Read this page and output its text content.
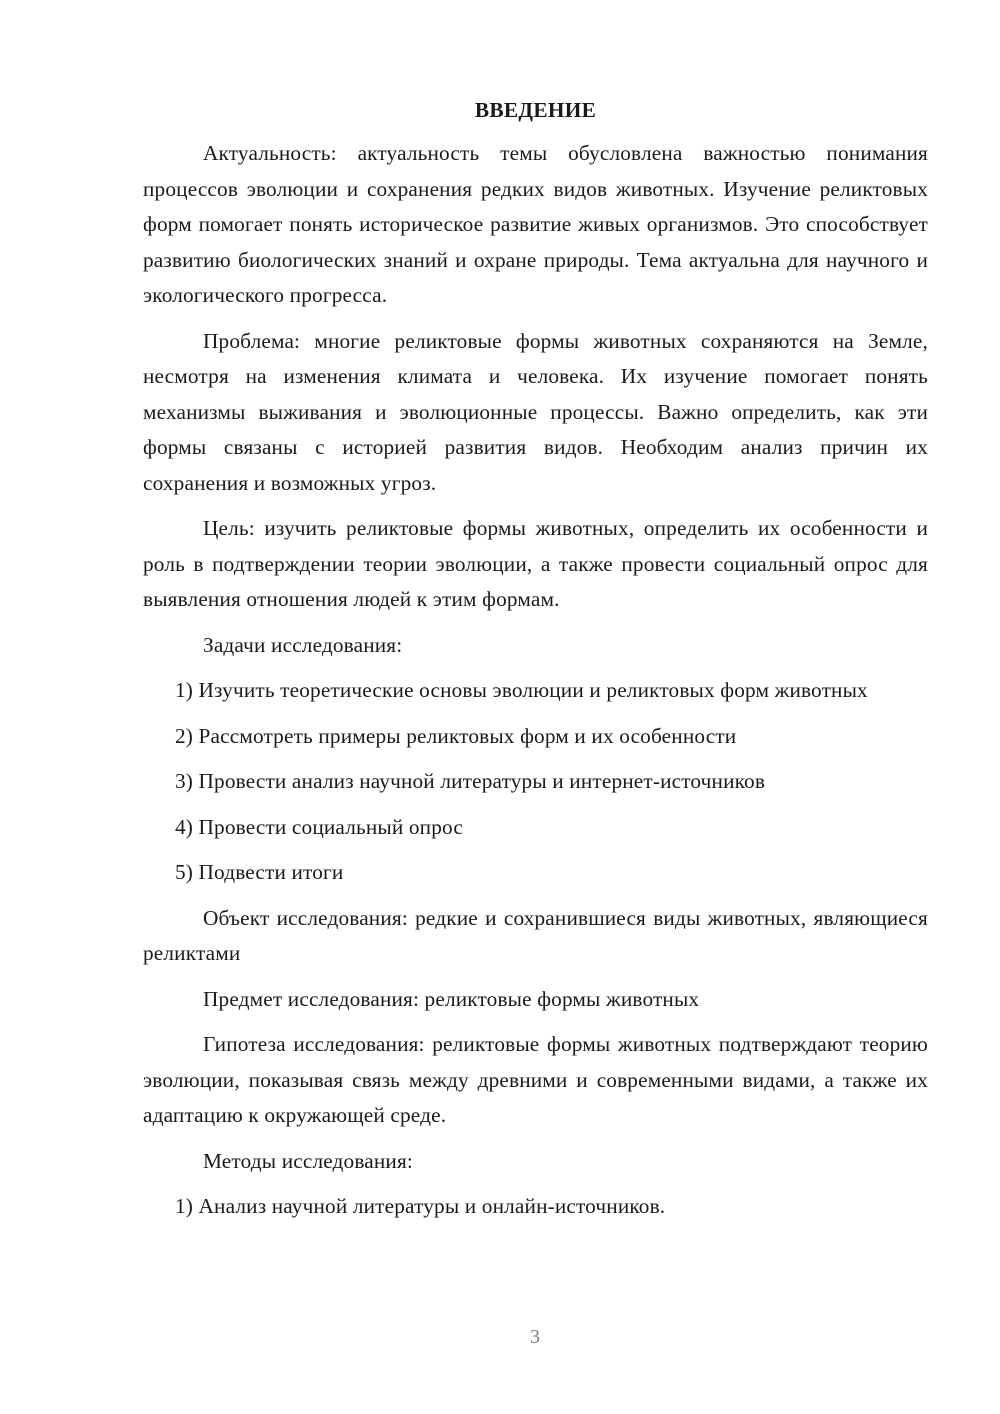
ВВЕДЕНИЕ

Актуальность: актуальность темы обусловлена важностью понимания процессов эволюции и сохранения редких видов животных. Изучение реликтовых форм помогает понять историческое развитие живых организмов. Это способствует развитию биологических знаний и охране природы. Тема актуальна для научного и экологического прогресса.

Проблема: многие реликтовые формы животных сохраняются на Земле, несмотря на изменения климата и человека. Их изучение помогает понять механизмы выживания и эволюционные процессы. Важно определить, как эти формы связаны с историей развития видов. Необходим анализ причин их сохранения и возможных угроз.

Цель: изучить реликтовые формы животных, определить их особенности и роль в подтверждении теории эволюции, а также провести социальный опрос для выявления отношения людей к этим формам.

Задачи исследования:

1) Изучить теоретические основы эволюции и реликтовых форм животных

2) Рассмотреть примеры реликтовых форм и их особенности

3) Провести анализ научной литературы и интернет-источников

4) Провести социальный опрос

5) Подвести итоги

Объект исследования: редкие и сохранившиеся виды животных, являющиеся реликтами

Предмет исследования: реликтовые формы животных

Гипотеза исследования: реликтовые формы животных подтверждают теорию эволюции, показывая связь между древними и современными видами, а также их адаптацию к окружающей среде.

Методы исследования:

1) Анализ научной литературы и онлайн-источников.

3
